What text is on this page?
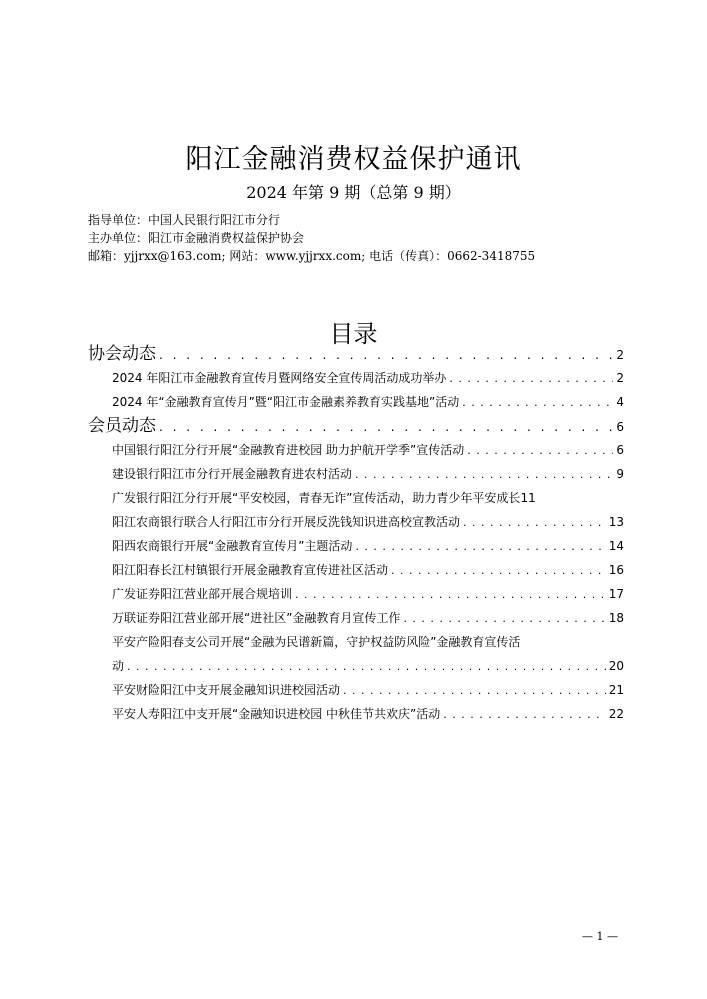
阳江金融消费权益保护通讯
2024 年第 9 期（总第 9 期）
指导单位：中国人民银行阳江市分行
主办单位：阳江市金融消费权益保护协会
邮箱：yjjrxx@163.com; 网站：www.yjjrxx.com; 电话（传真）：0662-3418755
目录
协会动态 . . .	2
2024 年阳江市金融教育宣传月暨网络安全宣传周活动成功举办 . . .	2
2024 年“金融教育宣传月”暨“阳江市金融素养教育实践基地”活动 . . .	4
会员动态 . . .	6
中国银行阳江分行开展“金融教育进校园 助力护航开学季”宣传活动 . . .	6
建设银行阳江市分行开展金融教育进农村活动 . . .	9
广发银行阳江分行开展“平安校园，青春无诈”宣传活动，助力青少年平安成长 11
阳江农商银行联合人行阳江市分行开展反洗钱知识进高校宣教活动 . . .	13
阳西农商银行开展“金融教育宣传月”主题活动 . . .	14
阳江阳春长江村镇银行开展金融教育宣传进社区活动 . . .	16
广发证券阳江营业部开展合规培训 . . .	17
万联证券阳江营业部开展“进社区”金融教育月宣传工作 . . .	18
平安产险阳春支公司开展“金融为民谱新篇，守护权益防风险”金融教育宣传活
动 . . .	20
平安财险阳江中支开展金融知识进校园活动 . . .	21
平安人寿阳江中支开展“金融知识进校园 中秋佳节共欢庆”活动 . . .	22
— 1 —
